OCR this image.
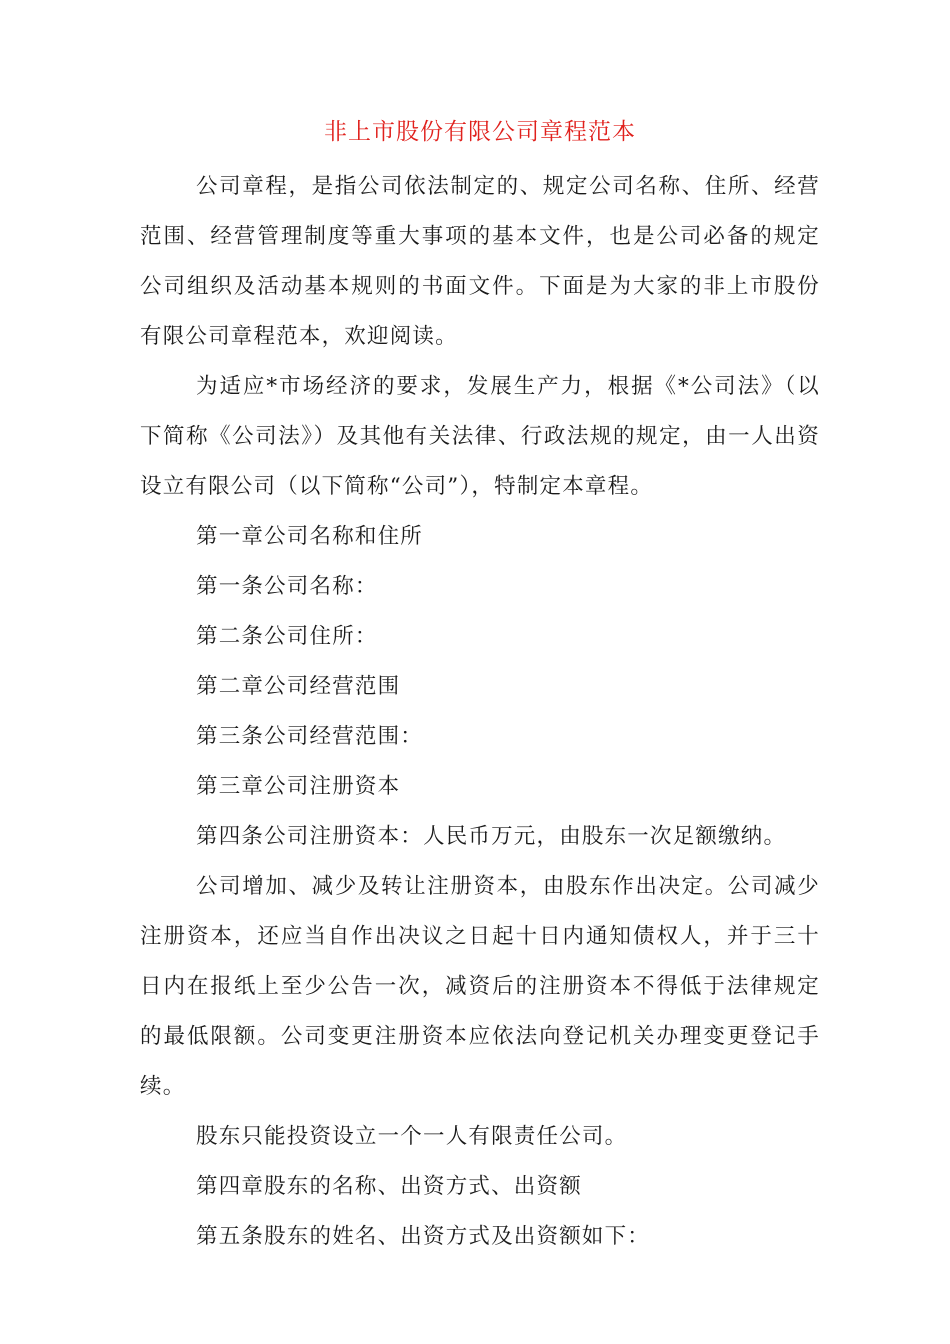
非上市股份有限公司章程范本

公司章程，是指公司依法制定的、规定公司名称、住所、经营范围、经营管理制度等重大事项的基本文件，也是公司必备的规定公司组织及活动基本规则的书面文件。下面是为大家的非上市股份有限公司章程范本，欢迎阅读。

为适应*市场经济的要求，发展生产力，根据《*公司法》（以下简称《公司法》）及其他有关法律、行政法规的规定，由一人出资设立有限公司（以下简称“公司”），特制定本章程。

第一章公司名称和住所

第一条公司名称：

第二条公司住所：

第二章公司经营范围

第三条公司经营范围：

第三章公司注册资本

第四条公司注册资本：人民币万元，由股东一次足额缴纳。

公司增加、减少及转让注册资本，由股东作出决定。公司减少注册资本，还应当自作出决议之日起十日内通知债权人，并于三十日内在报纸上至少公告一次，减资后的注册资本不得低于法律规定的最低限额。公司变更注册资本应依法向登记机关办理变更登记手续。

股东只能投资设立一个一人有限责任公司。

第四章股东的名称、出资方式、出资额

第五条股东的姓名、出资方式及出资额如下：
